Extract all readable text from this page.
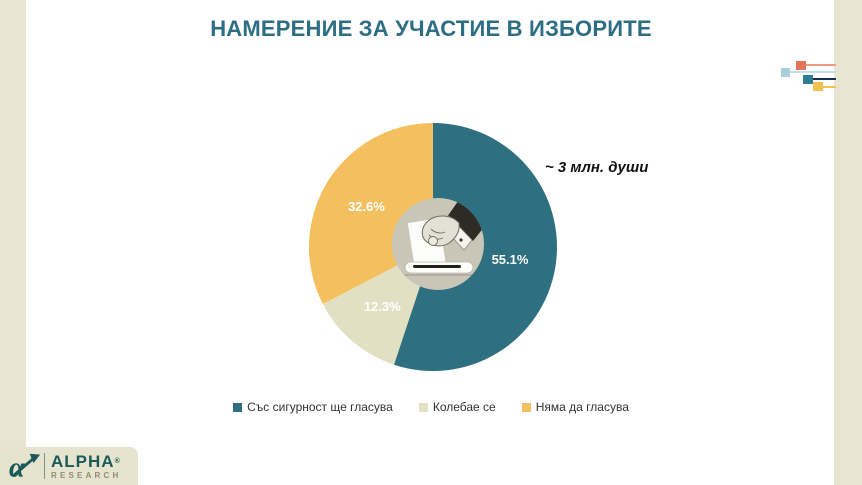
НАМЕРЕНИЕ ЗА УЧАСТИЕ В ИЗБОРИТЕ
55.1%
12.3%
32.6%
~ 3 млн. души
Със сигурност ще гласува	Колебае се	Няма да гласува
α ALPHA®
RESEARCH
